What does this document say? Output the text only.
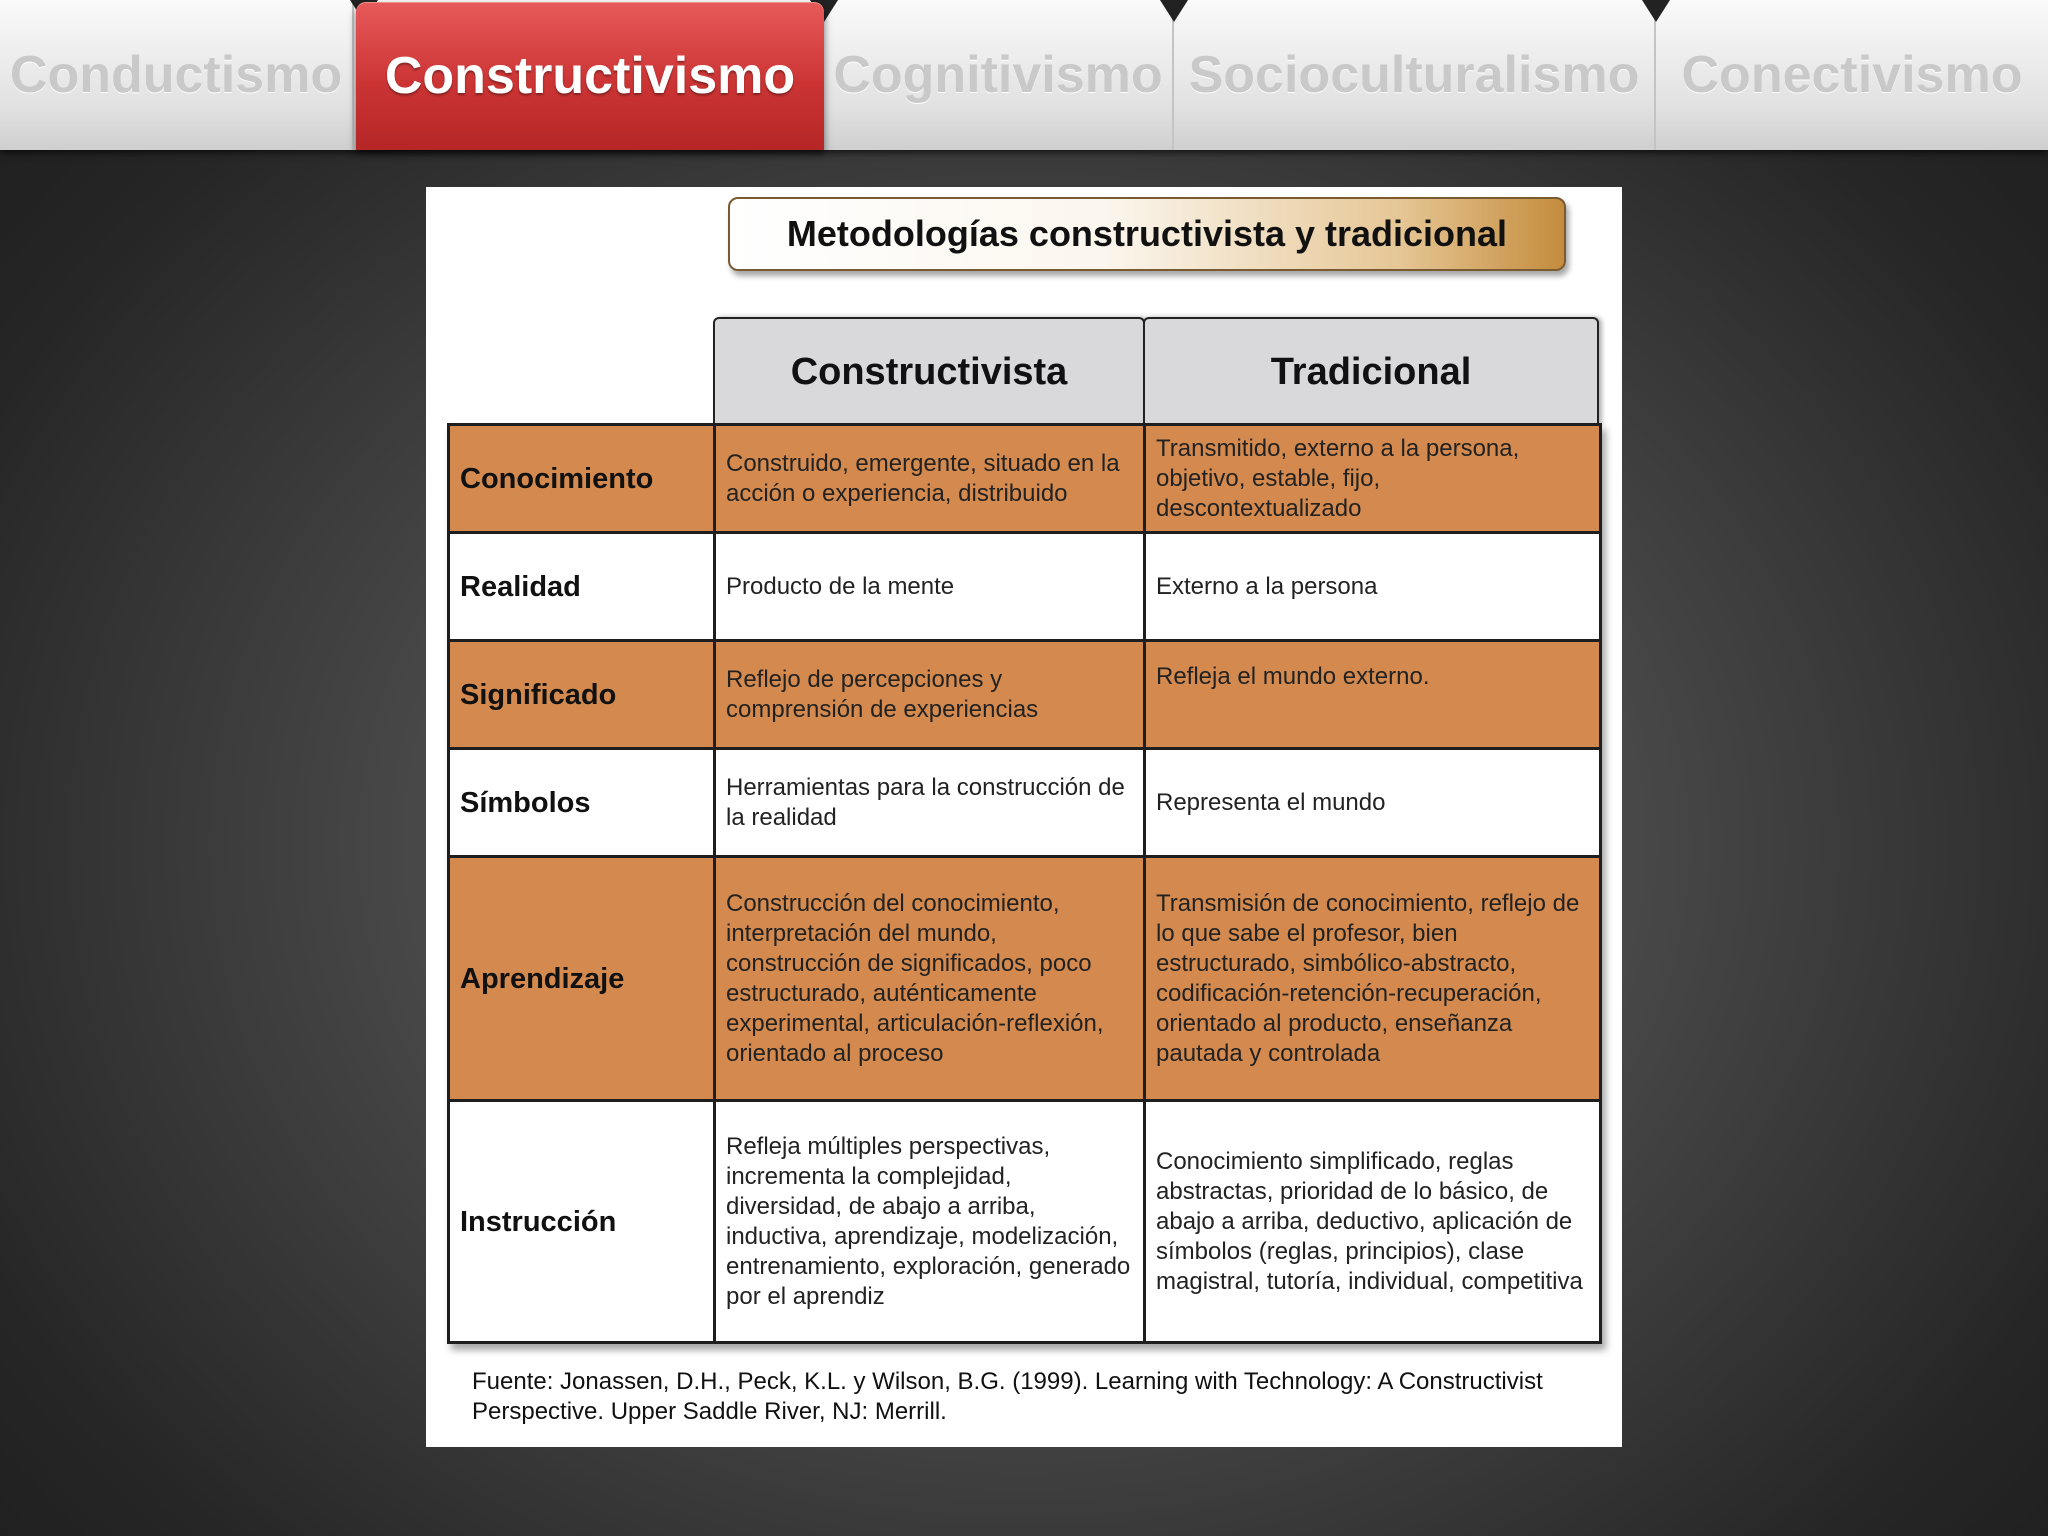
Conductismo Constructivismo Cognitivismo Socioculturalismo Conectivismo
Metodologías constructivista y tradicional
Constructivista	Tradicional
Conocimiento	Construido, emergente, situado en la acción o experiencia, distribuido	Transmitido, externo a la persona, objetivo, estable, fijo, descontextualizado
Realidad	Producto de la mente	Externo a la persona
Significado	Reflejo de percepciones y comprensión de experiencias	Refleja el mundo externo.
Símbolos	Herramientas para la construcción de la realidad	Representa el mundo
Aprendizaje	Construcción del conocimiento, interpretación del mundo, construcción de significados, poco estructurado, auténticamente experimental, articulación-reflexión, orientado al proceso	Transmisión de conocimiento, reflejo de lo que sabe el profesor, bien estructurado, simbólico-abstracto, codificación-retención-recuperación, orientado al producto, enseñanza pautada y controlada
Instrucción	Refleja múltiples perspectivas, incrementa la complejidad, diversidad, de abajo a arriba, inductiva, aprendizaje, modelización, entrenamiento, exploración, generado por el aprendiz	Conocimiento simplificado, reglas abstractas, prioridad de lo básico, de abajo a arriba, deductivo, aplicación de símbolos (reglas, principios), clase magistral, tutoría, individual, competitiva
Fuente: Jonassen, D.H., Peck, K.L. y Wilson, B.G. (1999). Learning with Technology: A Constructivist Perspective. Upper Saddle River, NJ: Merrill.
